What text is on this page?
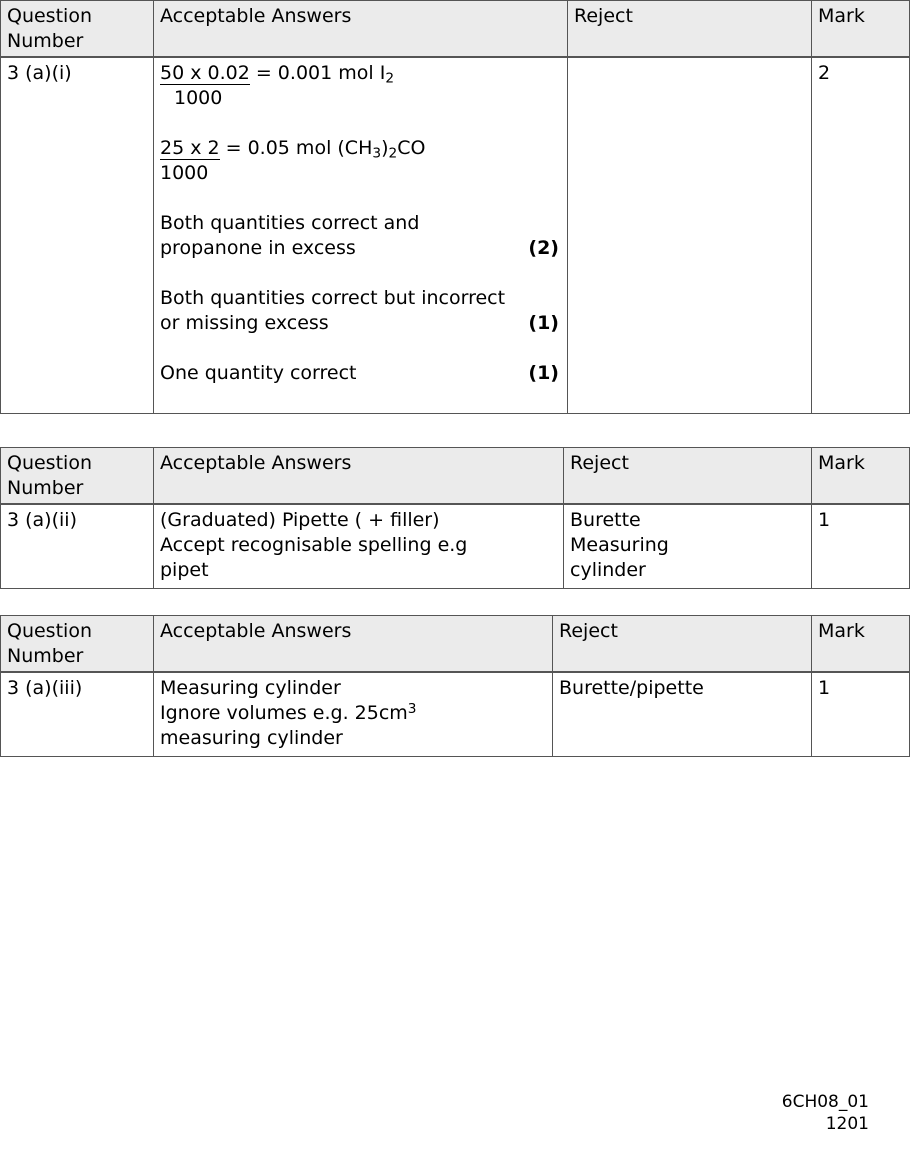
Question Number	Acceptable Answers	Reject	Mark
3 (a)(i)	50 x 0.02 = 0.001 mol $I_2$
1000
25 x 2 = 0.05 mol $(CH_3)_2CO$
1000
Both quantities correct and
propanone in excess	(2)
Both quantities correct but incorrect
or missing excess	(1)
One quantity correct	(1)
		2
Question Number	Acceptable Answers	Reject	Mark
3 (a)(ii)	(Graduated) Pipette ( + filler)
Accept recognisable spelling e.g
pipet	Burette
Measuring
cylinder	1
Question Number	Acceptable Answers	Reject	Mark
3 (a)(iii)	Measuring cylinder
Ignore volumes e.g. $25cm^3$
measuring cylinder	Burette/pipette	1
6CH08_01
1201
